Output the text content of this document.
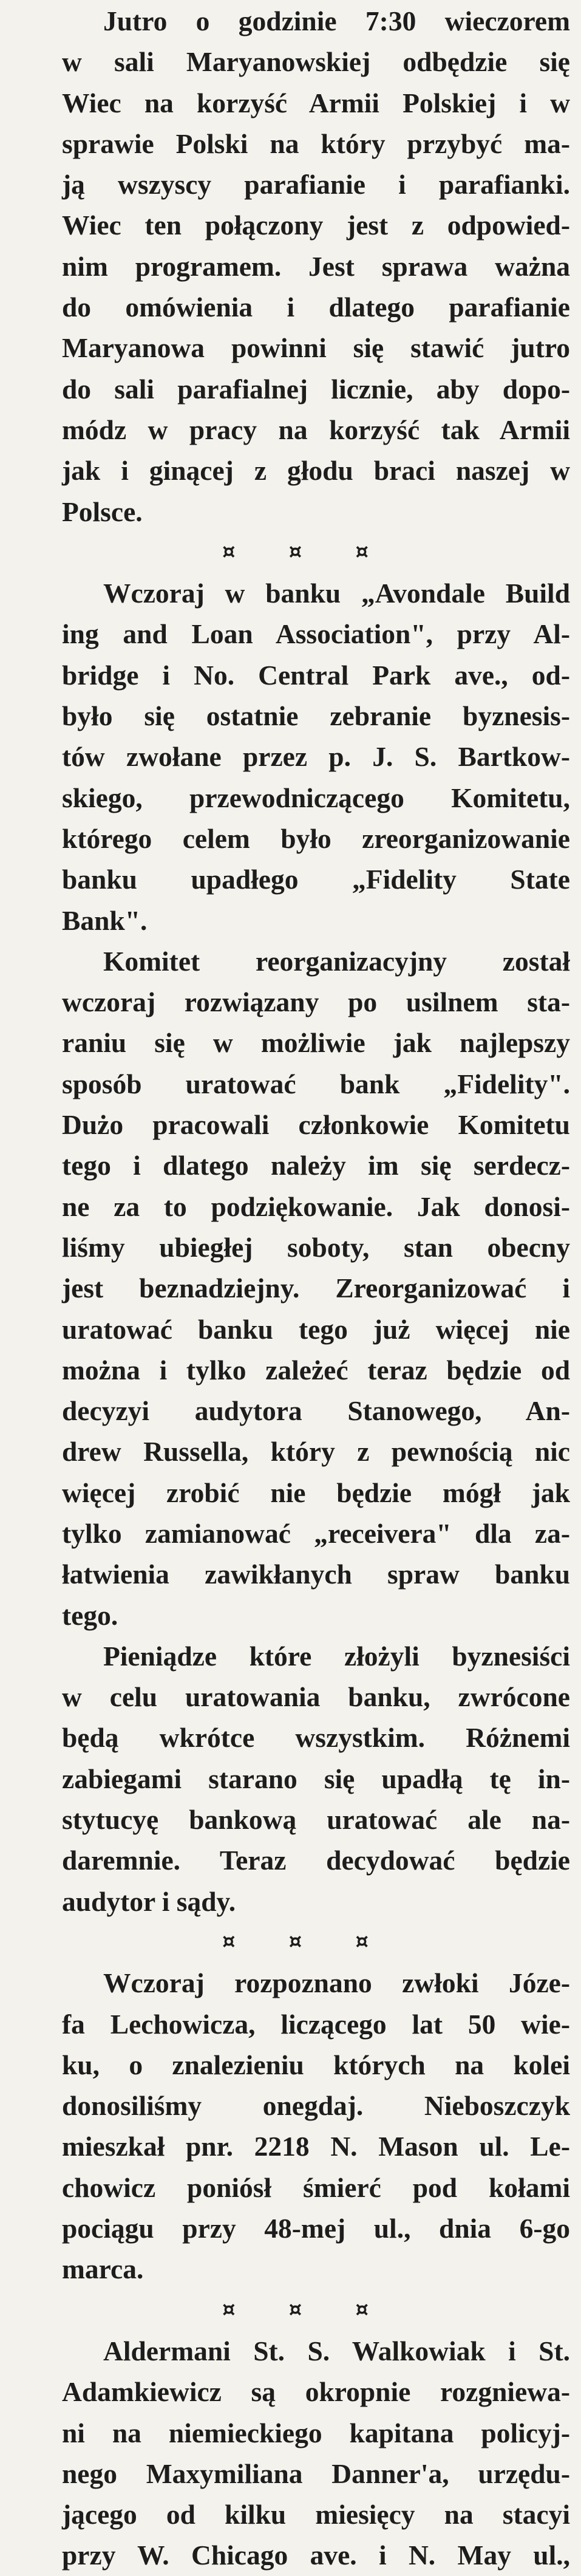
Jutro o godzinie 7:30 wieczorem
w sali Maryanowskiej odbędzie się
Wiec na korzyść Armii Polskiej i w
sprawie Polski na który przybyć ma-
ją wszyscy parafianie i parafianki.
Wiec ten połączony jest z odpowied-
nim programem. Jest sprawa ważna
do omówienia i dlatego parafianie
Maryanowa powinni się stawić jutro
do sali parafialnej licznie, aby dopo-
módz w pracy na korzyść tak Armii
jak i ginącej z głodu braci naszej w
Polsce.
¤	¤	¤
Wczoraj w banku „Avondale Build
ing and Loan Association", przy Al-
bridge i No. Central Park ave., od-
było się ostatnie zebranie byznesis-
tów zwołane przez p. J. S. Bartkow-
skiego, przewodniczącego Komitetu,
którego celem było zreorganizowanie
banku upadłego „Fidelity State
Bank".
Komitet reorganizacyjny został
wczoraj rozwiązany po usilnem sta-
raniu się w możliwie jak najlepszy
sposób uratować bank „Fidelity".
Dużo pracowali członkowie Komitetu
tego i dlatego należy im się serdecz-
ne za to podziękowanie. Jak donosi-
liśmy ubiegłej soboty, stan obecny
jest beznadziejny. Zreorganizować i
uratować banku tego już więcej nie
można i tylko zależeć teraz będzie od
decyzyi audytora Stanowego, An-
drew Russella, który z pewnością nic
więcej zrobić nie będzie mógł jak
tylko zamianować „receivera" dla za-
łatwienia zawikłanych spraw banku
tego.
Pieniądze które złożyli byznesiści
w celu uratowania banku, zwrócone
będą wkrótce wszystkim. Różnemi
zabiegami starano się upadłą tę in-
stytucyę bankową uratować ale na-
daremnie. Teraz decydować będzie
audytor i sądy.
¤	¤	¤
Wczoraj rozpoznano zwłoki Józe-
fa Lechowicza, liczącego lat 50 wie-
ku, o znalezieniu których na kolei
donosiliśmy onegdaj. Nieboszczyk
mieszkał pnr. 2218 N. Mason ul. Le-
chowicz poniósł śmierć pod kołami
pociągu przy 48-mej ul., dnia 6-go
marca.
¤	¤	¤
Aldermani St. S. Walkowiak i St.
Adamkiewicz są okropnie rozgniewa-
ni na niemieckiego kapitana policyj-
nego Maxymiliana Danner'a, urzędu-
jącego od kilku miesięcy na stacyi
przy W. Chicago ave. i N. May ul.,
